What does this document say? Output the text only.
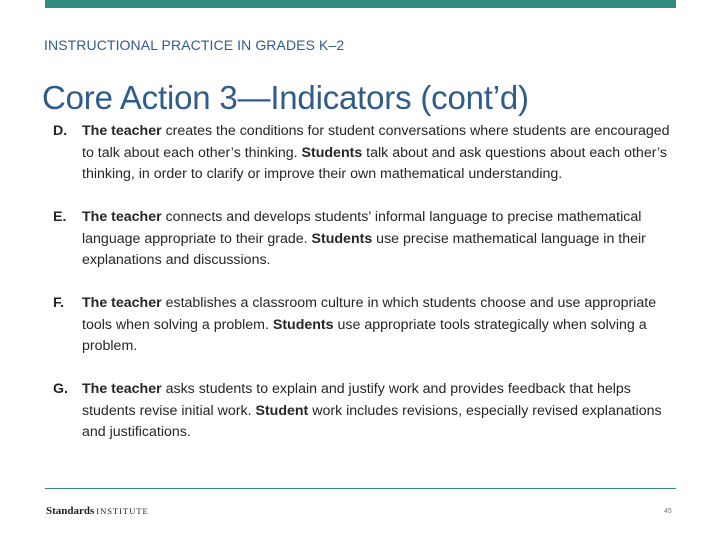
INSTRUCTIONAL PRACTICE IN GRADES K–2
Core Action 3—Indicators (cont’d)
D. The teacher creates the conditions for student conversations where students are encouraged to talk about each other’s thinking. Students talk about and ask questions about each other’s thinking, in order to clarify or improve their own mathematical understanding.
E. The teacher connects and develops students’ informal language to precise mathematical language appropriate to their grade. Students use precise mathematical language in their explanations and discussions.
F. The teacher establishes a classroom culture in which students choose and use appropriate tools when solving a problem. Students use appropriate tools strategically when solving a problem.
G. The teacher asks students to explain and justify work and provides feedback that helps students revise initial work. Student work includes revisions, especially revised explanations and justifications.
Standards INSTITUTE	45
